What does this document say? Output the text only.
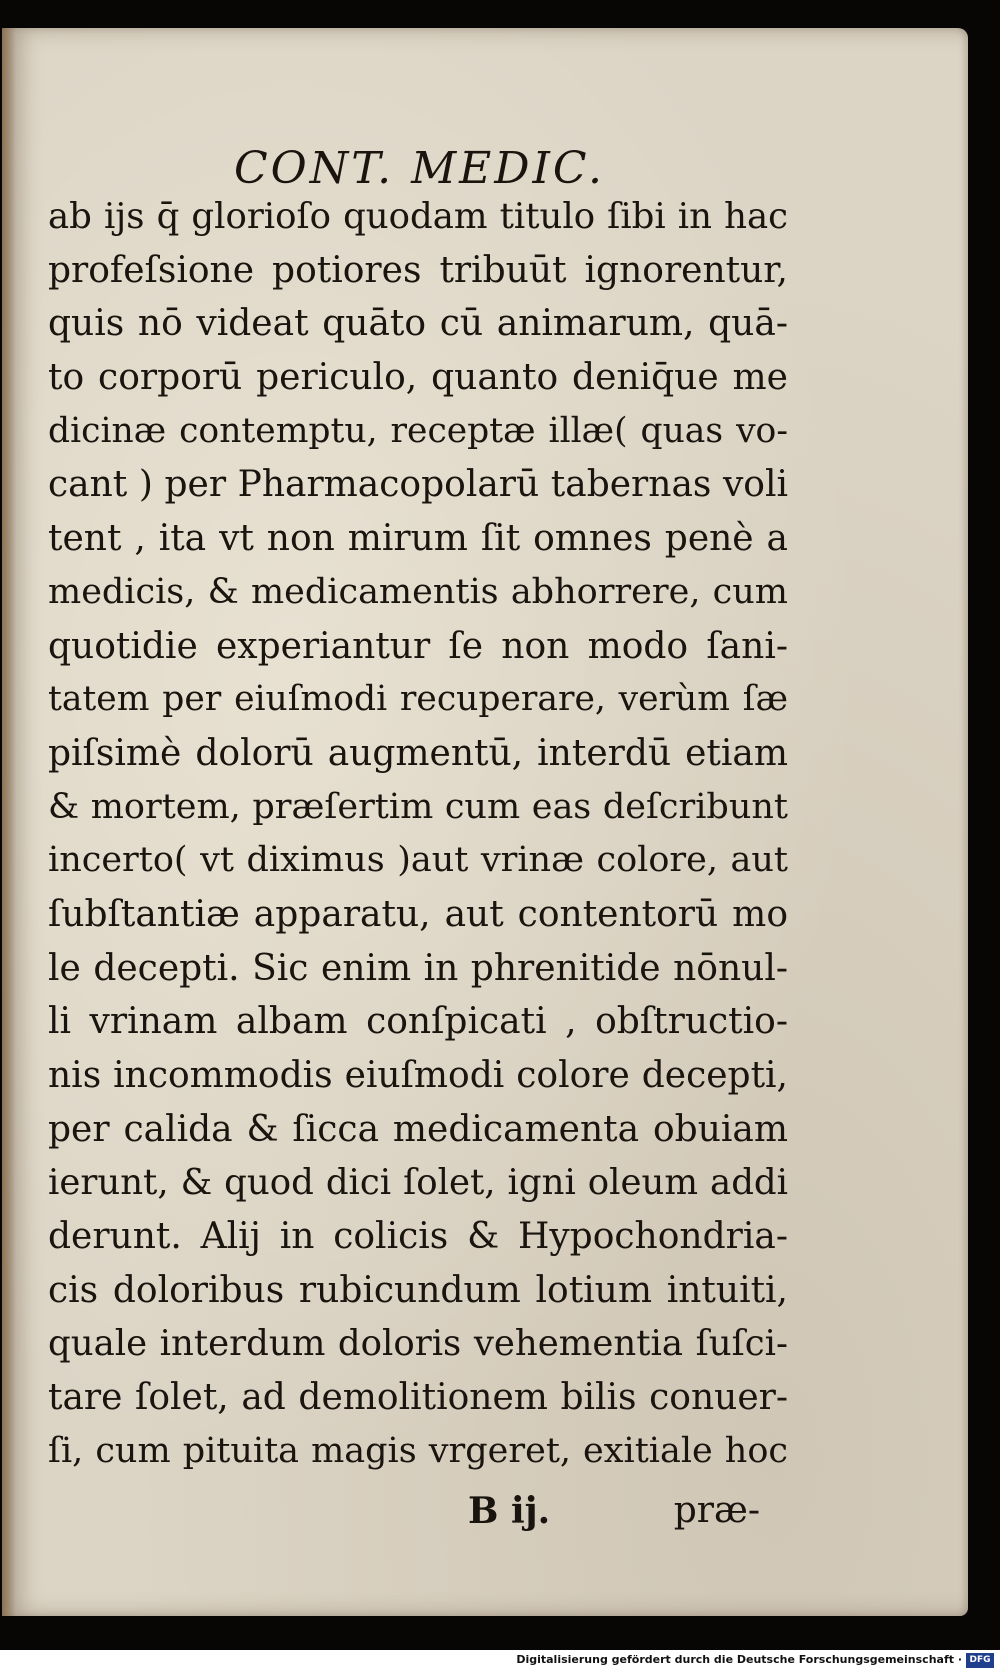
CONT. MEDIC.
ab ijs q̄ glorioſo quodam titulo ſibi in hac
profeſsione potiores tribuūt ignorentur,
quis nō videat quāto cū animarum, quā-
to corporū periculo, quanto deniq̄ue me
dicinæ contemptu, receptæ illæ( quas vo-
cant ) per Pharmacopolarū tabernas voli
tent , ita vt non mirum ſit omnes penè a
medicis, & medicamentis abhorrere, cum
quotidie experiantur ſe non modo ſani-
tatem per eiuſmodi recuperare, verùm ſæ
piſsimè dolorū augmentū, interdū etiam
& mortem, præſertim cum eas deſcribunt
incerto( vt diximus )aut vrinæ colore, aut
ſubſtantiæ apparatu, aut contentorū mo
le decepti. Sic enim in phrenitide nōnul-
li vrinam albam conſpicati , obſtructio-
nis incommodis eiuſmodi colore decepti,
per calida & ſicca medicamenta obuiam
ierunt, & quod dici ſolet, igni oleum addi
derunt. Alij in colicis & Hypochondria-
cis doloribus rubicundum lotium intuiti,
quale interdum doloris vehementia ſuſci-
tare ſolet, ad demolitionem bilis conuer-
ſi, cum pituita magis vrgeret, exitiale hoc
B ij.	præ-
Digitalisierung gefördert durch die Deutsche Forschungsgemeinschaft · DFG
